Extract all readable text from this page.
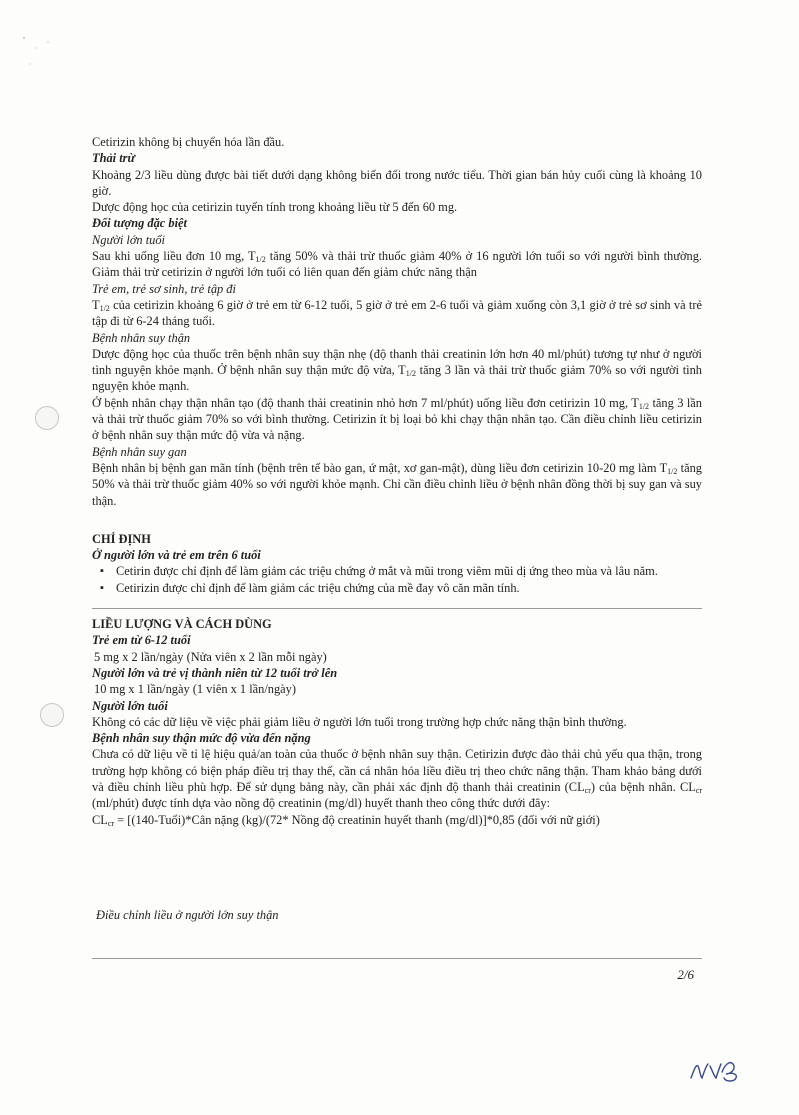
Cetirizin không bị chuyển hóa lần đầu.

Thải trừ

Khoảng 2/3 liều dùng được bài tiết dưới dạng không biến đổi trong nước tiểu. Thời gian bán hủy cuối cùng là khoảng 10 giờ.

Dược động học của cetirizin tuyến tính trong khoảng liều từ 5 đến 60 mg.

Đối tượng đặc biệt

Người lớn tuổi

Sau khi uống liều đơn 10 mg, $T_{1/2}$ tăng 50% và thải trừ thuốc giảm 40% ở 16 người lớn tuổi so với người bình thường. Giảm thải trừ cetirizin ở người lớn tuổi có liên quan đến giảm chức năng thận

Trẻ em, trẻ sơ sinh, trẻ tập đi

$T_{1/2}$ của cetirizin khoảng 6 giờ ở trẻ em từ 6-12 tuổi, 5 giờ ở trẻ em 2-6 tuổi và giảm xuống còn 3,1 giờ ở trẻ sơ sinh và trẻ tập đi từ 6-24 tháng tuổi.

Bệnh nhân suy thận

Dược động học của thuốc trên bệnh nhân suy thận nhẹ (độ thanh thải creatinin lớn hơn 40 ml/phút) tương tự như ở người tình nguyện khỏe mạnh. Ở bệnh nhân suy thận mức độ vừa, $T_{1/2}$ tăng 3 lần và thải trừ thuốc giảm 70% so với người tình nguyện khỏe mạnh.

Ở bệnh nhân chạy thận nhân tạo (độ thanh thải creatinin nhỏ hơn 7 ml/phút) uống liều đơn cetirizin 10 mg, $T_{1/2}$ tăng 3 lần và thải trừ thuốc giảm 70% so với bình thường. Cetirizin ít bị loại bỏ khi chạy thận nhân tạo. Cần điều chỉnh liều cetirizin ở bệnh nhân suy thận mức độ vừa và nặng.

Bệnh nhân suy gan

Bệnh nhân bị bệnh gan mãn tính (bệnh trên tế bào gan, ứ mật, xơ gan-mật), dùng liều đơn cetirizin 10-20 mg làm $T_{1/2}$ tăng 50% và thải trừ thuốc giảm 40% so với người khỏe mạnh. Chỉ cần điều chỉnh liều ở bệnh nhân đồng thời bị suy gan và suy thận.

CHỈ ĐỊNH

Ở người lớn và trẻ em trên 6 tuổi

▪ Cetirin được chỉ định để làm giảm các triệu chứng ở mắt và mũi trong viêm mũi dị ứng theo mùa và lâu năm.
▪ Cetirizin được chỉ định để làm giảm các triệu chứng của mề đay vô căn mãn tính.

LIỀU LƯỢNG VÀ CÁCH DÙNG

Trẻ em từ 6-12 tuổi

5 mg x 2 lần/ngày (Nửa viên x 2 lần mỗi ngày)

Người lớn và trẻ vị thành niên từ 12 tuổi trở lên

10 mg x 1 lần/ngày (1 viên x 1 lần/ngày)

Người lớn tuổi

Không có các dữ liệu về việc phải giảm liều ở người lớn tuổi trong trường hợp chức năng thận bình thường.

Bệnh nhân suy thận mức độ vừa đến nặng

Chưa có dữ liệu về tỉ lệ hiệu quả/an toàn của thuốc ở bệnh nhân suy thận. Cetirizin được đào thải chủ yếu qua thận, trong trường hợp không có biện pháp điều trị thay thế, cần cá nhân hóa liều điều trị theo chức năng thận. Tham khảo bảng dưới và điều chỉnh liều phù hợp. Để sử dụng bảng này, cần phải xác định độ thanh thải creatinin $(CL_{cr})$ của bệnh nhân. $CL_{cr}$ (ml/phút) được tính dựa vào nồng độ creatinin (mg/dl) huyết thanh theo công thức dưới đây:

$CL_{cr}$ = [(140-Tuổi)*Cân nặng (kg)/(72* Nồng độ creatinin huyết thanh (mg/dl)]*0,85 (đối với nữ giới)

Điều chỉnh liều ở người lớn suy thận

2/6
